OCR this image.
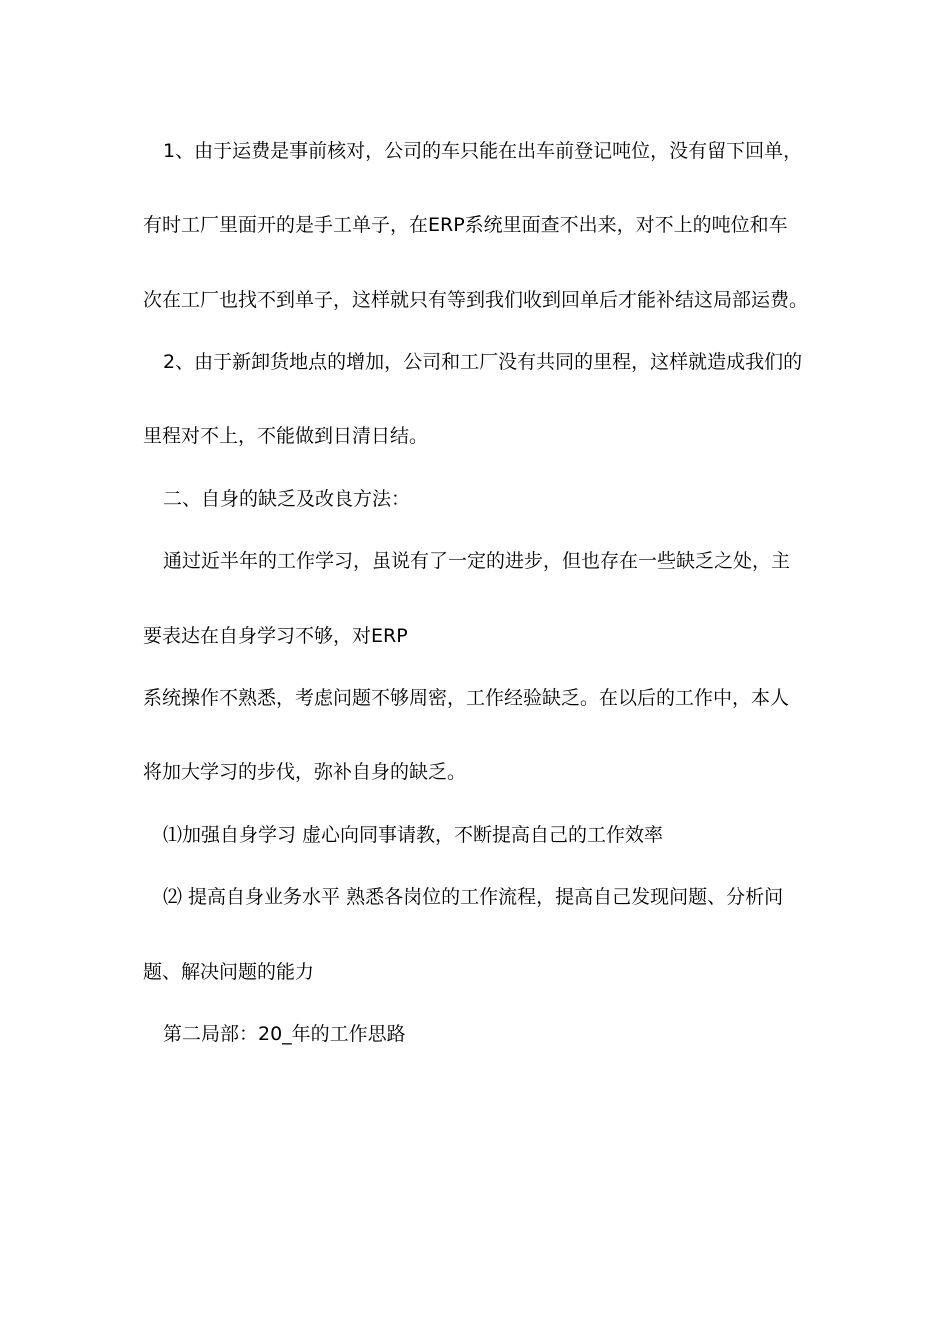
1、由于运费是事前核对，公司的车只能在出车前登记吨位，没有留下回单，
有时工厂里面开的是手工单子，在ERP系统里面查不出来，对不上的吨位和车
次在工厂也找不到单子，这样就只有等到我们收到回单后才能补结这局部运费。
2、由于新卸货地点的增加，公司和工厂没有共同的里程，这样就造成我们的
里程对不上，不能做到日清日结。
二、自身的缺乏及改良方法：
通过近半年的工作学习，虽说有了一定的进步，但也存在一些缺乏之处，主
要表达在自身学习不够，对ERP
系统操作不熟悉，考虑问题不够周密，工作经验缺乏。在以后的工作中，本人
将加大学习的步伐，弥补自身的缺乏。
⑴加强自身学习 虚心向同事请教，不断提高自己的工作效率
⑵ 提高自身业务水平 熟悉各岗位的工作流程，提高自己发现问题、分析问
题、解决问题的能力
第二局部：20_年的工作思路
